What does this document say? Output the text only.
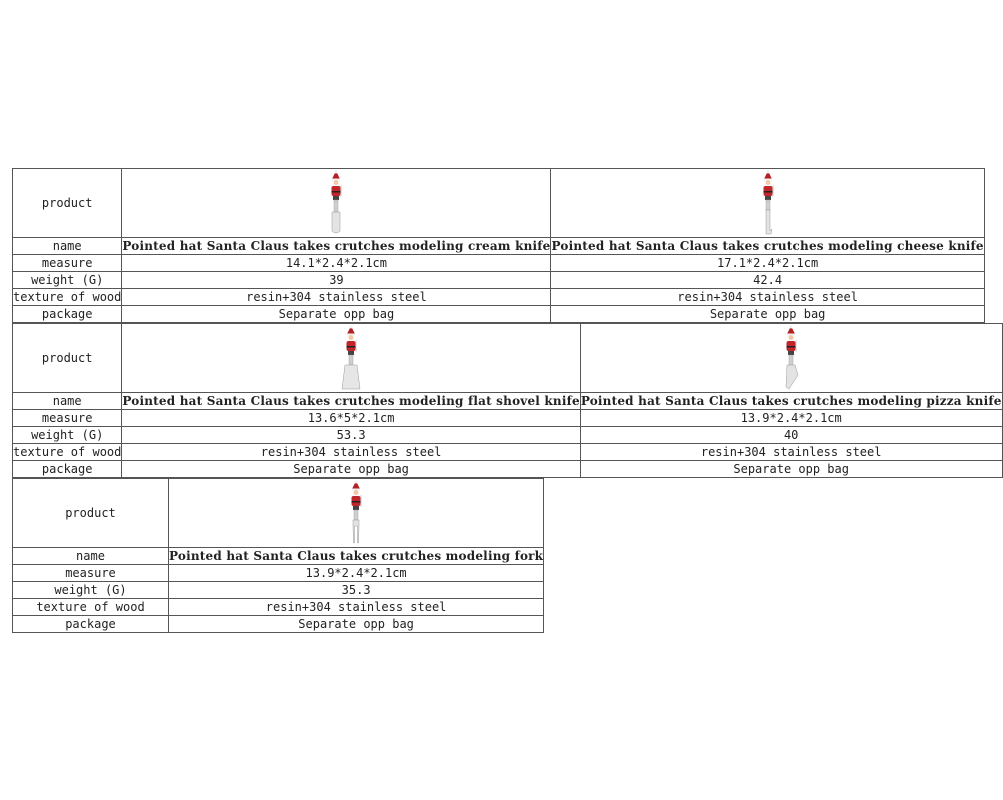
product		
name	Pointed hat Santa Claus takes crutches modeling cream knife	Pointed hat Santa Claus takes crutches modeling cheese knife
measure	14.1*2.4*2.1cm	17.1*2.4*2.1cm
weight (G)	39	42.4
texture of wood	resin+304 stainless steel	resin+304 stainless steel
package	Separate opp bag	Separate opp bag
product		
name	Pointed hat Santa Claus takes crutches modeling flat shovel knife	Pointed hat Santa Claus takes crutches modeling pizza knife
measure	13.6*5*2.1cm	13.9*2.4*2.1cm
weight (G)	53.3	40
texture of wood	resin+304 stainless steel	resin+304 stainless steel
package	Separate opp bag	Separate opp bag
product	
name	Pointed hat Santa Claus takes crutches modeling fork
measure	13.9*2.4*2.1cm
weight (G)	35.3
texture of wood	resin+304 stainless steel
package	Separate opp bag
